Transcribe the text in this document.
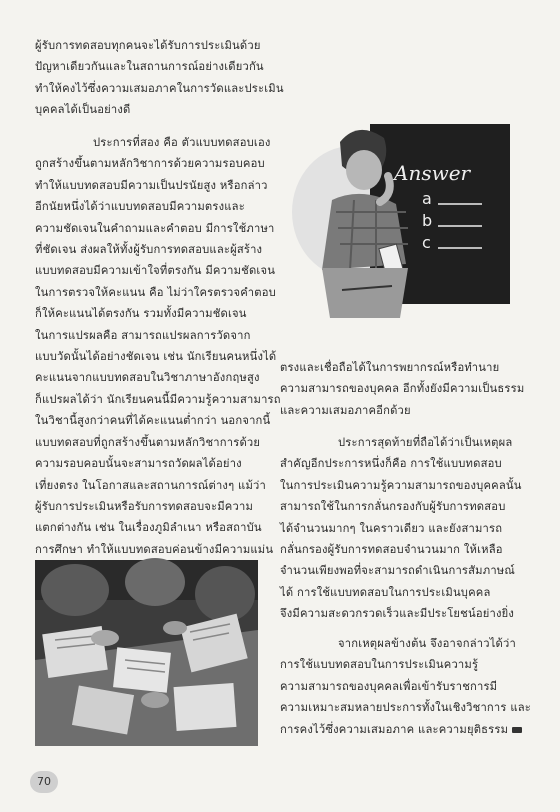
ผู้รับการทดสอบทุกคนจะได้รับการประเมินด้วย
ปัญหาเดียวกันและในสถานการณ์อย่างเดียวกัน
ทำให้คงไว้ซึ่งความเสมอภาคในการวัดและประเมิน
บุคคลได้เป็นอย่างดี

ประการที่สอง คือ ตัวแบบทดสอบเอง
ถูกสร้างขึ้นตามหลักวิชาการด้วยความรอบคอบ
ทำให้แบบทดสอบมีความเป็นปรนัยสูง หรือกล่าว
อีกนัยหนึ่งได้ว่าแบบทดสอบมีความตรงและ
ความชัดเจนในคำถามและคำตอบ มีการใช้ภาษา
ที่ชัดเจน ส่งผลให้ทั้งผู้รับการทดสอบและผู้สร้าง
แบบทดสอบมีความเข้าใจที่ตรงกัน มีความชัดเจน
ในการตรวจให้คะแนน คือ ไม่ว่าใครตรวจคำตอบ
ก็ให้คะแนนได้ตรงกัน รวมทั้งมีความชัดเจน
ในการแปรผลคือ สามารถแปรผลการวัดจาก
แบบวัดนั้นได้อย่างชัดเจน เช่น นักเรียนคนหนึ่งได้
คะแนนจากแบบทดสอบในวิชาภาษาอังกฤษสูง
ก็แปรผลได้ว่า นักเรียนคนนี้มีความรู้ความสามารถ
ในวิชานี้สูงกว่าคนที่ได้คะแนนต่ำกว่า นอกจากนี้
แบบทดสอบที่ถูกสร้างขึ้นตามหลักวิชาการด้วย
ความรอบคอบนั้นจะสามารถวัดผลได้อย่าง
เที่ยงตรง ในโอกาสและสถานการณ์ต่างๆ แม้ว่า
ผู้รับการประเมินหรือรับการทดสอบจะมีความ
แตกต่างกัน เช่น ในเรื่องภูมิลำเนา หรือสถาบัน
การศึกษา ทำให้แบบทดสอบค่อนข้างมีความแม่น

Answer
a
b
c

ตรงและเชื่อถือได้ในการพยากรณ์หรือทำนาย
ความสามารถของบุคคล อีกทั้งยังมีความเป็นธรรม
และความเสมอภาคอีกด้วย

ประการสุดท้ายที่ถือได้ว่าเป็นเหตุผล
สำคัญอีกประการหนึ่งก็คือ การใช้แบบทดสอบ
ในการประเมินความรู้ความสามารถของบุคคลนั้น
สามารถใช้ในการกลั่นกรองกับผู้รับการทดสอบ
ได้จำนวนมากๆ ในคราวเดียว และยังสามารถ
กลั่นกรองผู้รับการทดสอบจำนวนมาก ให้เหลือ
จำนวนเพียงพอที่จะสามารถดำเนินการสัมภาษณ์
ได้ การใช้แบบทดสอบในการประเมินบุคคล
จึงมีความสะดวกรวดเร็วและมีประโยชน์อย่างยิ่ง

จากเหตุผลข้างต้น จึงอาจกล่าวได้ว่า
การใช้แบบทดสอบในการประเมินความรู้
ความสามารถของบุคคลเพื่อเข้ารับราชการมี
ความเหมาะสมหลายประการทั้งในเชิงวิชาการ และ
การคงไว้ซึ่งความเสมอภาค และความยุติธรรม

70
